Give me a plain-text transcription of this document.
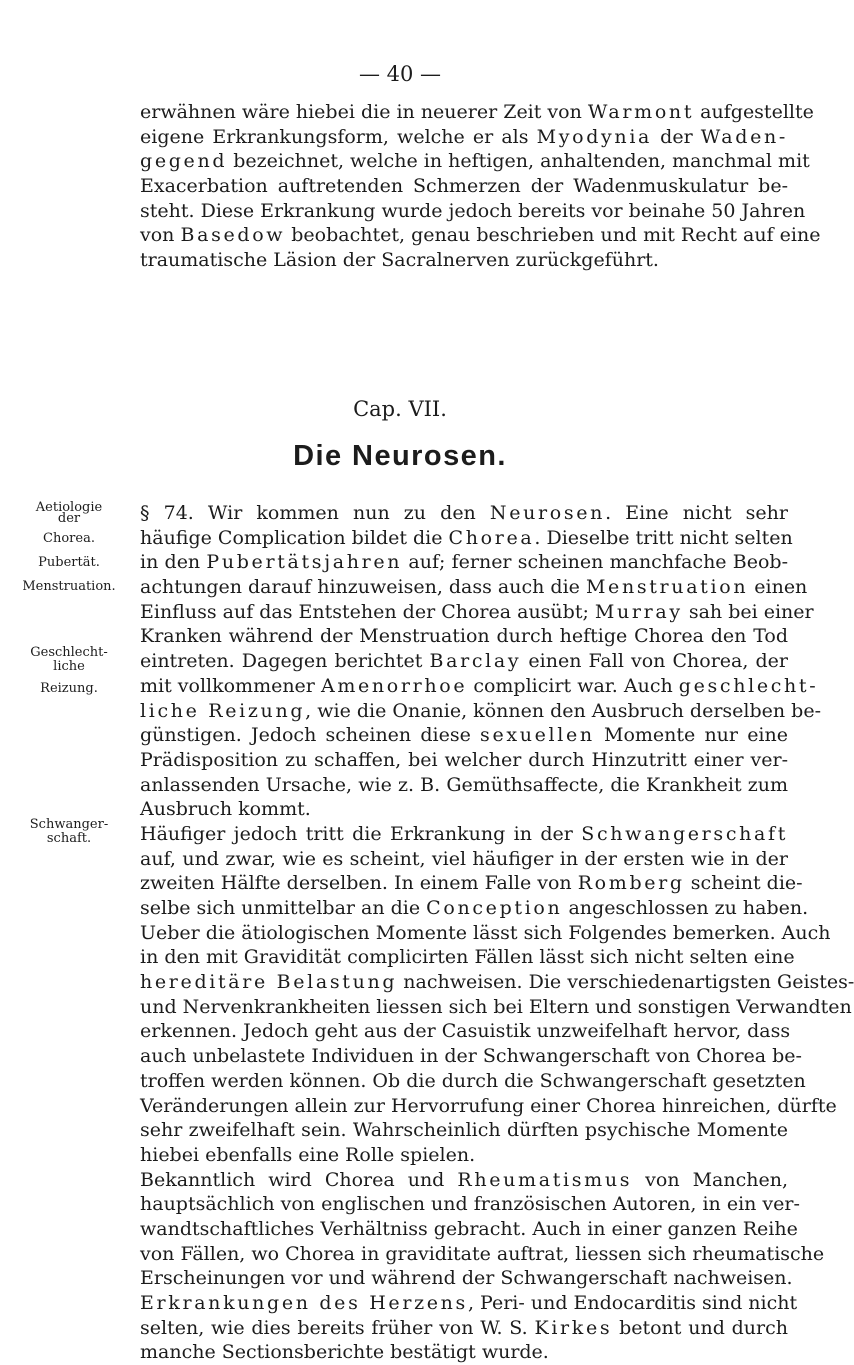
— 40 —
erwähnen wäre hiebei die in neuerer Zeit von Warmont aufgestellte
eigene Erkrankungsform, welche er als Myodynia der Waden-
gegend bezeichnet, welche in heftigen, anhaltenden, manchmal mit
Exacerbation auftretenden Schmerzen der Wadenmuskulatur be-
steht. Diese Erkrankung wurde jedoch bereits vor beinahe 50 Jahren
von Basedow beobachtet, genau beschrieben und mit Recht auf eine
traumatische Läsion der Sacralnerven zurückgeführt.
Cap. VII.
Die Neurosen.
Aetiologie
der
Chorea.
Pubertät.
Menstruation.
Geschlecht-
liche
Reizung.
Schwanger-
schaft.
§ 74. Wir kommen nun zu den Neurosen. Eine nicht sehr
häufige Complication bildet die Chorea. Dieselbe tritt nicht selten
in den Pubertätsjahren auf; ferner scheinen manchfache Beob-
achtungen darauf hinzuweisen, dass auch die Menstruation einen
Einfluss auf das Entstehen der Chorea ausübt; Murray sah bei einer
Kranken während der Menstruation durch heftige Chorea den Tod
eintreten. Dagegen berichtet Barclay einen Fall von Chorea, der
mit vollkommener Amenorrhoe complicirt war. Auch geschlecht-
liche Reizung, wie die Onanie, können den Ausbruch derselben be-
günstigen. Jedoch scheinen diese sexuellen Momente nur eine
Prädisposition zu schaffen, bei welcher durch Hinzutritt einer ver-
anlassenden Ursache, wie z. B. Gemüthsaffecte, die Krankheit zum
Ausbruch kommt.
Häufiger jedoch tritt die Erkrankung in der Schwangerschaft
auf, und zwar, wie es scheint, viel häufiger in der ersten wie in der
zweiten Hälfte derselben. In einem Falle von Romberg scheint die-
selbe sich unmittelbar an die Conception angeschlossen zu haben.
Ueber die ätiologischen Momente lässt sich Folgendes bemerken. Auch
in den mit Gravidität complicirten Fällen lässt sich nicht selten eine
hereditäre Belastung nachweisen. Die verschiedenartigsten Geistes-
und Nervenkrankheiten liessen sich bei Eltern und sonstigen Verwandten
erkennen. Jedoch geht aus der Casuistik unzweifelhaft hervor, dass
auch unbelastete Individuen in der Schwangerschaft von Chorea be-
troffen werden können. Ob die durch die Schwangerschaft gesetzten
Veränderungen allein zur Hervorrufung einer Chorea hinreichen, dürfte
sehr zweifelhaft sein. Wahrscheinlich dürften psychische Momente
hiebei ebenfalls eine Rolle spielen.
Bekanntlich wird Chorea und Rheumatismus von Manchen,
hauptsächlich von englischen und französischen Autoren, in ein ver-
wandtschaftliches Verhältniss gebracht. Auch in einer ganzen Reihe
von Fällen, wo Chorea in graviditate auftrat, liessen sich rheumatische
Erscheinungen vor und während der Schwangerschaft nachweisen.
Erkrankungen des Herzens, Peri- und Endocarditis sind nicht
selten, wie dies bereits früher von W. S. Kirkes betont und durch
manche Sectionsberichte bestätigt wurde.
